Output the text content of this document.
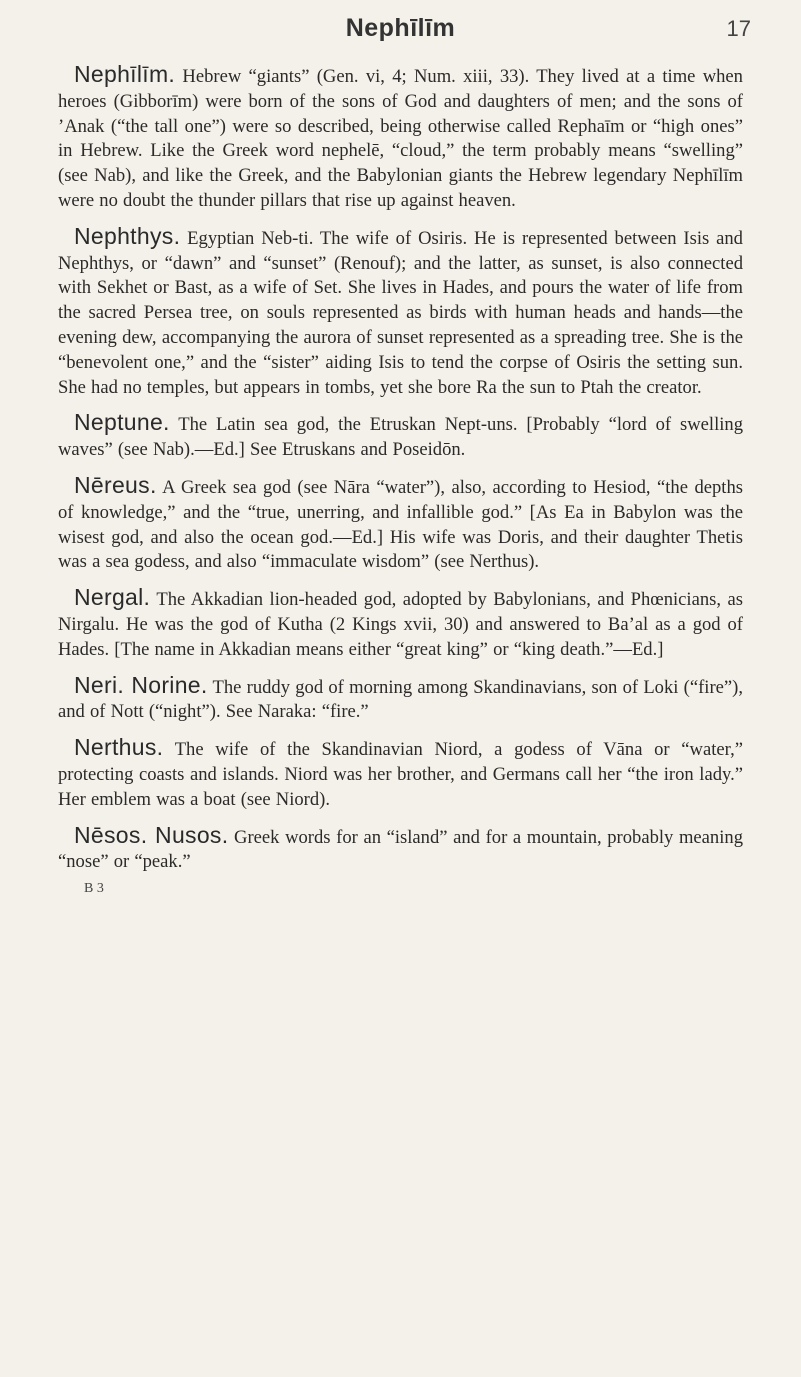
Nephīlīm	17

Nephīlīm. Hebrew “giants” (Gen. vi, 4; Num. xiii, 33). They lived at a time when heroes (Gibborīm) were born of the sons of God and daughters of men; and the sons of ’Anak (“the tall one”) were so described, being otherwise called Rephaīm or “high ones” in Hebrew. Like the Greek word nephelē, “cloud,” the term probably means “swelling” (see Nab), and like the Greek, and the Babylonian giants the Hebrew legendary Nephīlīm were no doubt the thunder pillars that rise up against heaven.

Nephthys. Egyptian Neb-ti. The wife of Osiris. He is represented between Isis and Nephthys, or “dawn” and “sunset” (Renouf); and the latter, as sunset, is also connected with Sekhet or Bast, as a wife of Set. She lives in Hades, and pours the water of life from the sacred Persea tree, on souls represented as birds with human heads and hands—the evening dew, accompanying the aurora of sunset represented as a spreading tree. She is the “benevolent one,” and the “sister” aiding Isis to tend the corpse of Osiris the setting sun. She had no temples, but appears in tombs, yet she bore Ra the sun to Ptah the creator.

Neptune. The Latin sea god, the Etruskan Nept-uns. [Probably “lord of swelling waves” (see Nab).—Ed.] See Etruskans and Poseidōn.

Nēreus. A Greek sea god (see Nāra “water”), also, according to Hesiod, “the depths of knowledge,” and the “true, unerring, and infallible god.” [As Ea in Babylon was the wisest god, and also the ocean god.—Ed.] His wife was Doris, and their daughter Thetis was a sea godess, and also “immaculate wisdom” (see Nerthus).

Nergal. The Akkadian lion-headed god, adopted by Babylonians, and Phœnicians, as Nirgalu. He was the god of Kutha (2 Kings xvii, 30) and answered to Ba’al as a god of Hades. [The name in Akkadian means either “great king” or “king death.”—Ed.]

Neri. Norine. The ruddy god of morning among Skandinavians, son of Loki (“fire”), and of Nott (“night”). See Naraka: “fire.”

Nerthus. The wife of the Skandinavian Niord, a godess of Vāna or “water,” protecting coasts and islands. Niord was her brother, and Germans call her “the iron lady.” Her emblem was a boat (see Niord).

Nēsos. Nusos. Greek words for an “island” and for a mountain, probably meaning “nose” or “peak.”

B 3
